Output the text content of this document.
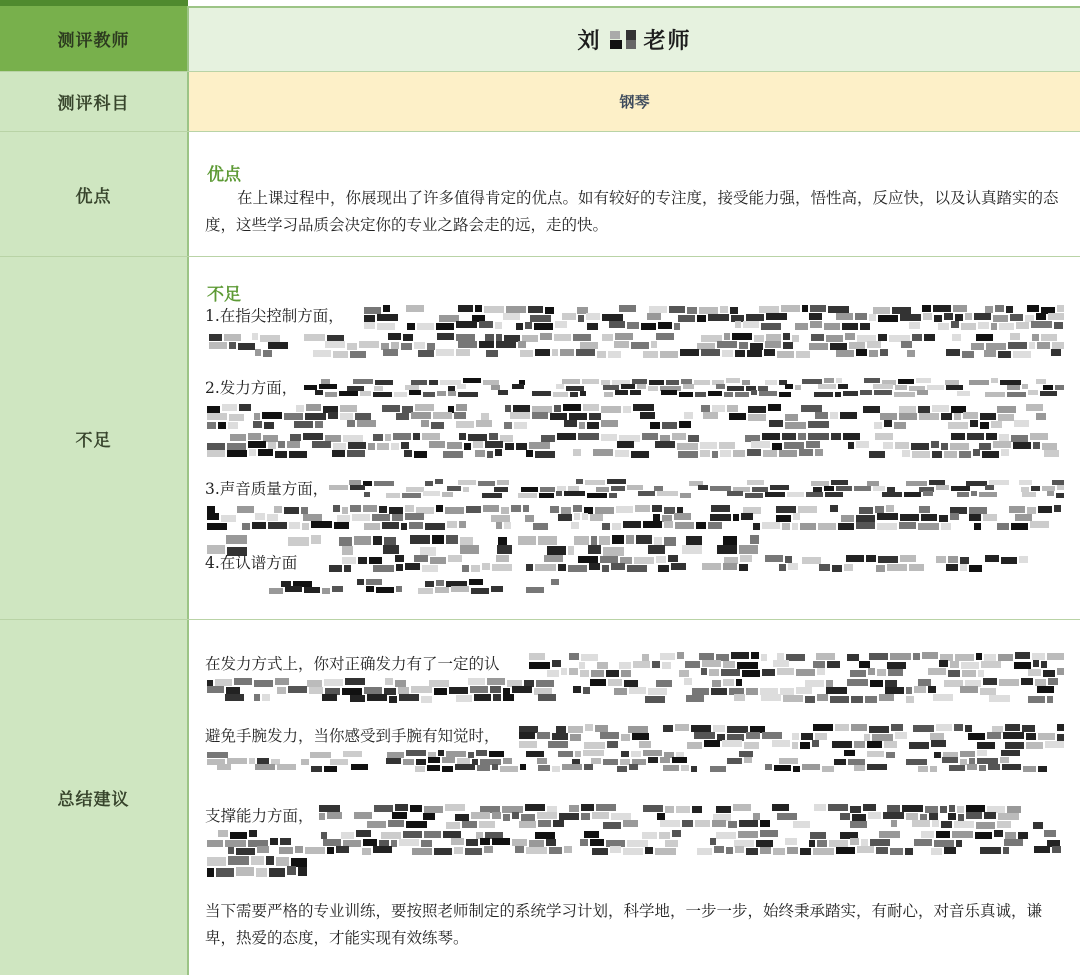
测评教师	刘 老师
测评科目	钢琴
优点
优点
在上课过程中，你展现出了许多值得肯定的优点。如有较好的专注度，接受能力强，悟性高，反应快，以及认真踏实的态度，这些学习品质会决定你的专业之路会走的远，走的快。
不足
不足
1.在指尖控制方面，
2.发力方面，
3.声音质量方面，
4.在认谱方面
总结建议
在发力方式上，你对正确发力有了一定的认
避免手腕发力，当你感受到手腕有知觉时，
支撑能力方面，
当下需要严格的专业训练，要按照老师制定的系统学习计划，科学地，一步一步，始终秉承踏实，有耐心，对音乐真诚，谦卑，热爱的态度，才能实现有效练琴。
